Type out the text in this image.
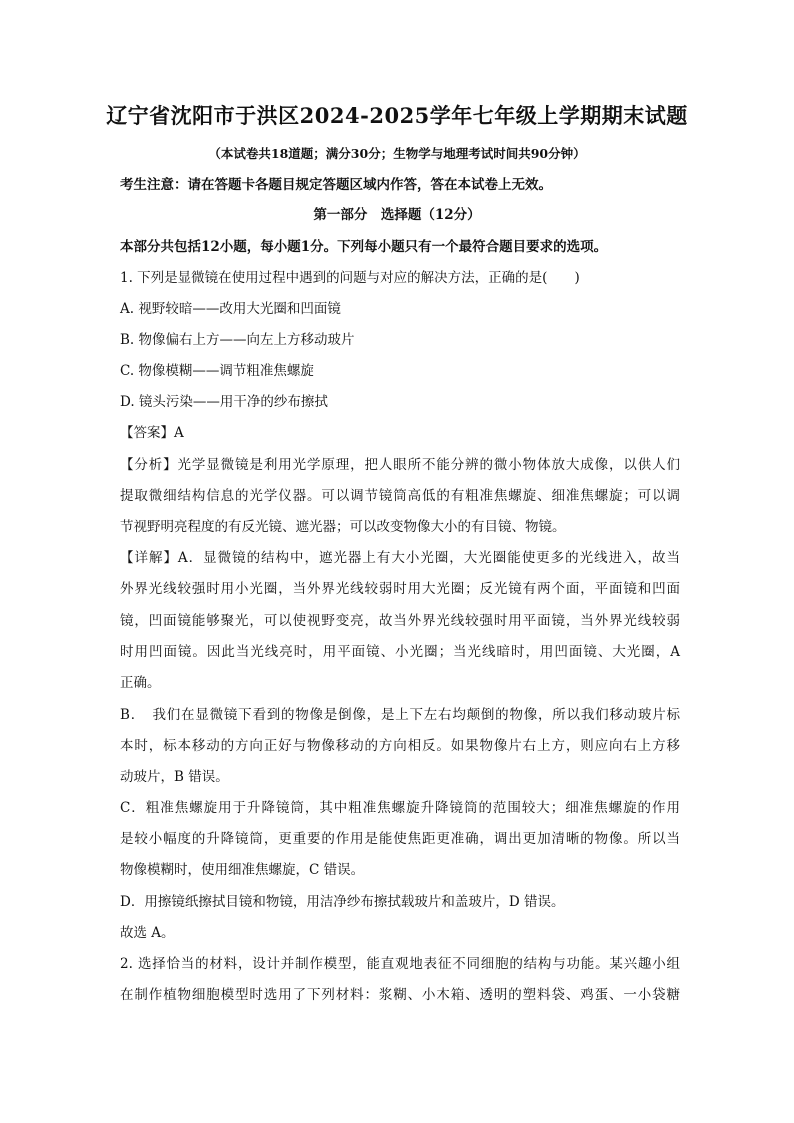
辽宁省沈阳市于洪区2024-2025学年七年级上学期期末试题
（本试卷共18道题；满分30分；生物学与地理考试时间共90分钟）
考生注意：请在答题卡各题目规定答题区域内作答，答在本试卷上无效。
第一部分　选择题（12分）
本部分共包括12小题，每小题1分。下列每小题只有一个最符合题目要求的选项。
1. 下列是显微镜在使用过程中遇到的问题与对应的解决方法，正确的是(　　)
A. 视野较暗——改用大光圈和凹面镜
B. 物像偏右上方——向左上方移动玻片
C. 物像模糊——调节粗准焦螺旋
D. 镜头污染——用干净的纱布擦拭
【答案】A
【分析】光学显微镜是利用光学原理，把人眼所不能分辨的微小物体放大成像，以供人们
提取微细结构信息的光学仪器。可以调节镜筒高低的有粗准焦螺旋、细准焦螺旋；可以调
节视野明亮程度的有反光镜、遮光器；可以改变物像大小的有目镜、物镜。
【详解】A．显微镜的结构中，遮光器上有大小光圈，大光圈能使更多的光线进入，故当
外界光线较强时用小光圈，当外界光线较弱时用大光圈；反光镜有两个面，平面镜和凹面
镜，凹面镜能够聚光，可以使视野变亮，故当外界光线较强时用平面镜，当外界光线较弱
时用凹面镜。因此当光线亮时，用平面镜、小光圈；当光线暗时，用凹面镜、大光圈，A
正确。
B．　我们在显微镜下看到的物像是倒像，是上下左右均颠倒的物像，所以我们移动玻片标
本时，标本移动的方向正好与物像移动的方向相反。如果物像片右上方，则应向右上方移
动玻片，B 错误。
C．粗准焦螺旋用于升降镜筒，其中粗准焦螺旋升降镜筒的范围较大；细准焦螺旋的作用
是较小幅度的升降镜筒，更重要的作用是能使焦距更准确，调出更加清晰的物像。所以当
物像模糊时，使用细准焦螺旋，C 错误。
D．用擦镜纸擦拭目镜和物镜，用洁净纱布擦拭载玻片和盖玻片，D 错误。
故选 A。
2. 选择恰当的材料，设计并制作模型，能直观地表征不同细胞的结构与功能。某兴趣小组
在制作植物细胞模型时选用了下列材料：浆糊、小木箱、透明的塑料袋、鸡蛋、一小袋糖
